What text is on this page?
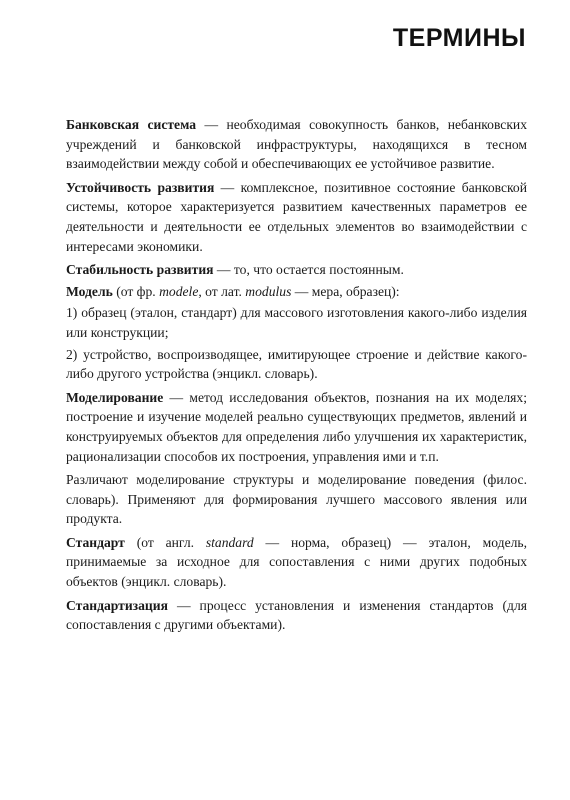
ТЕРМИНЫ

Банковская система — необходимая совокупность банков, небанковских учреждений и банковской инфраструктуры, находящихся в тесном взаимодействии между собой и обеспечивающих ее устойчивое развитие.

Устойчивость развития — комплексное, позитивное состояние банковской системы, которое характеризуется развитием качественных параметров ее деятельности и деятельности ее отдельных элементов во взаимодействии с интересами экономики.

Стабильность развития — то, что остается постоянным.

Модель (от фр. modele, от лат. modulus — мера, образец):

1) образец (эталон, стандарт) для массового изготовления какого-либо изделия или конструкции;

2) устройство, воспроизводящее, имитирующее строение и действие какого-либо другого устройства (энцикл. словарь).

Моделирование — метод исследования объектов, познания на их моделях; построение и изучение моделей реально существующих предметов, явлений и конструируемых объектов для определения либо улучшения их характеристик, рационализации способов их построения, управления ими и т.п.

Различают моделирование структуры и моделирование поведения (филос. словарь). Применяют для формирования лучшего массового явления или продукта.

Стандарт (от англ. standard — норма, образец) — эталон, модель, принимаемые за исходное для сопоставления с ними других подобных объектов (энцикл. словарь).

Стандартизация — процесс установления и изменения стандартов (для сопоставления с другими объектами).
